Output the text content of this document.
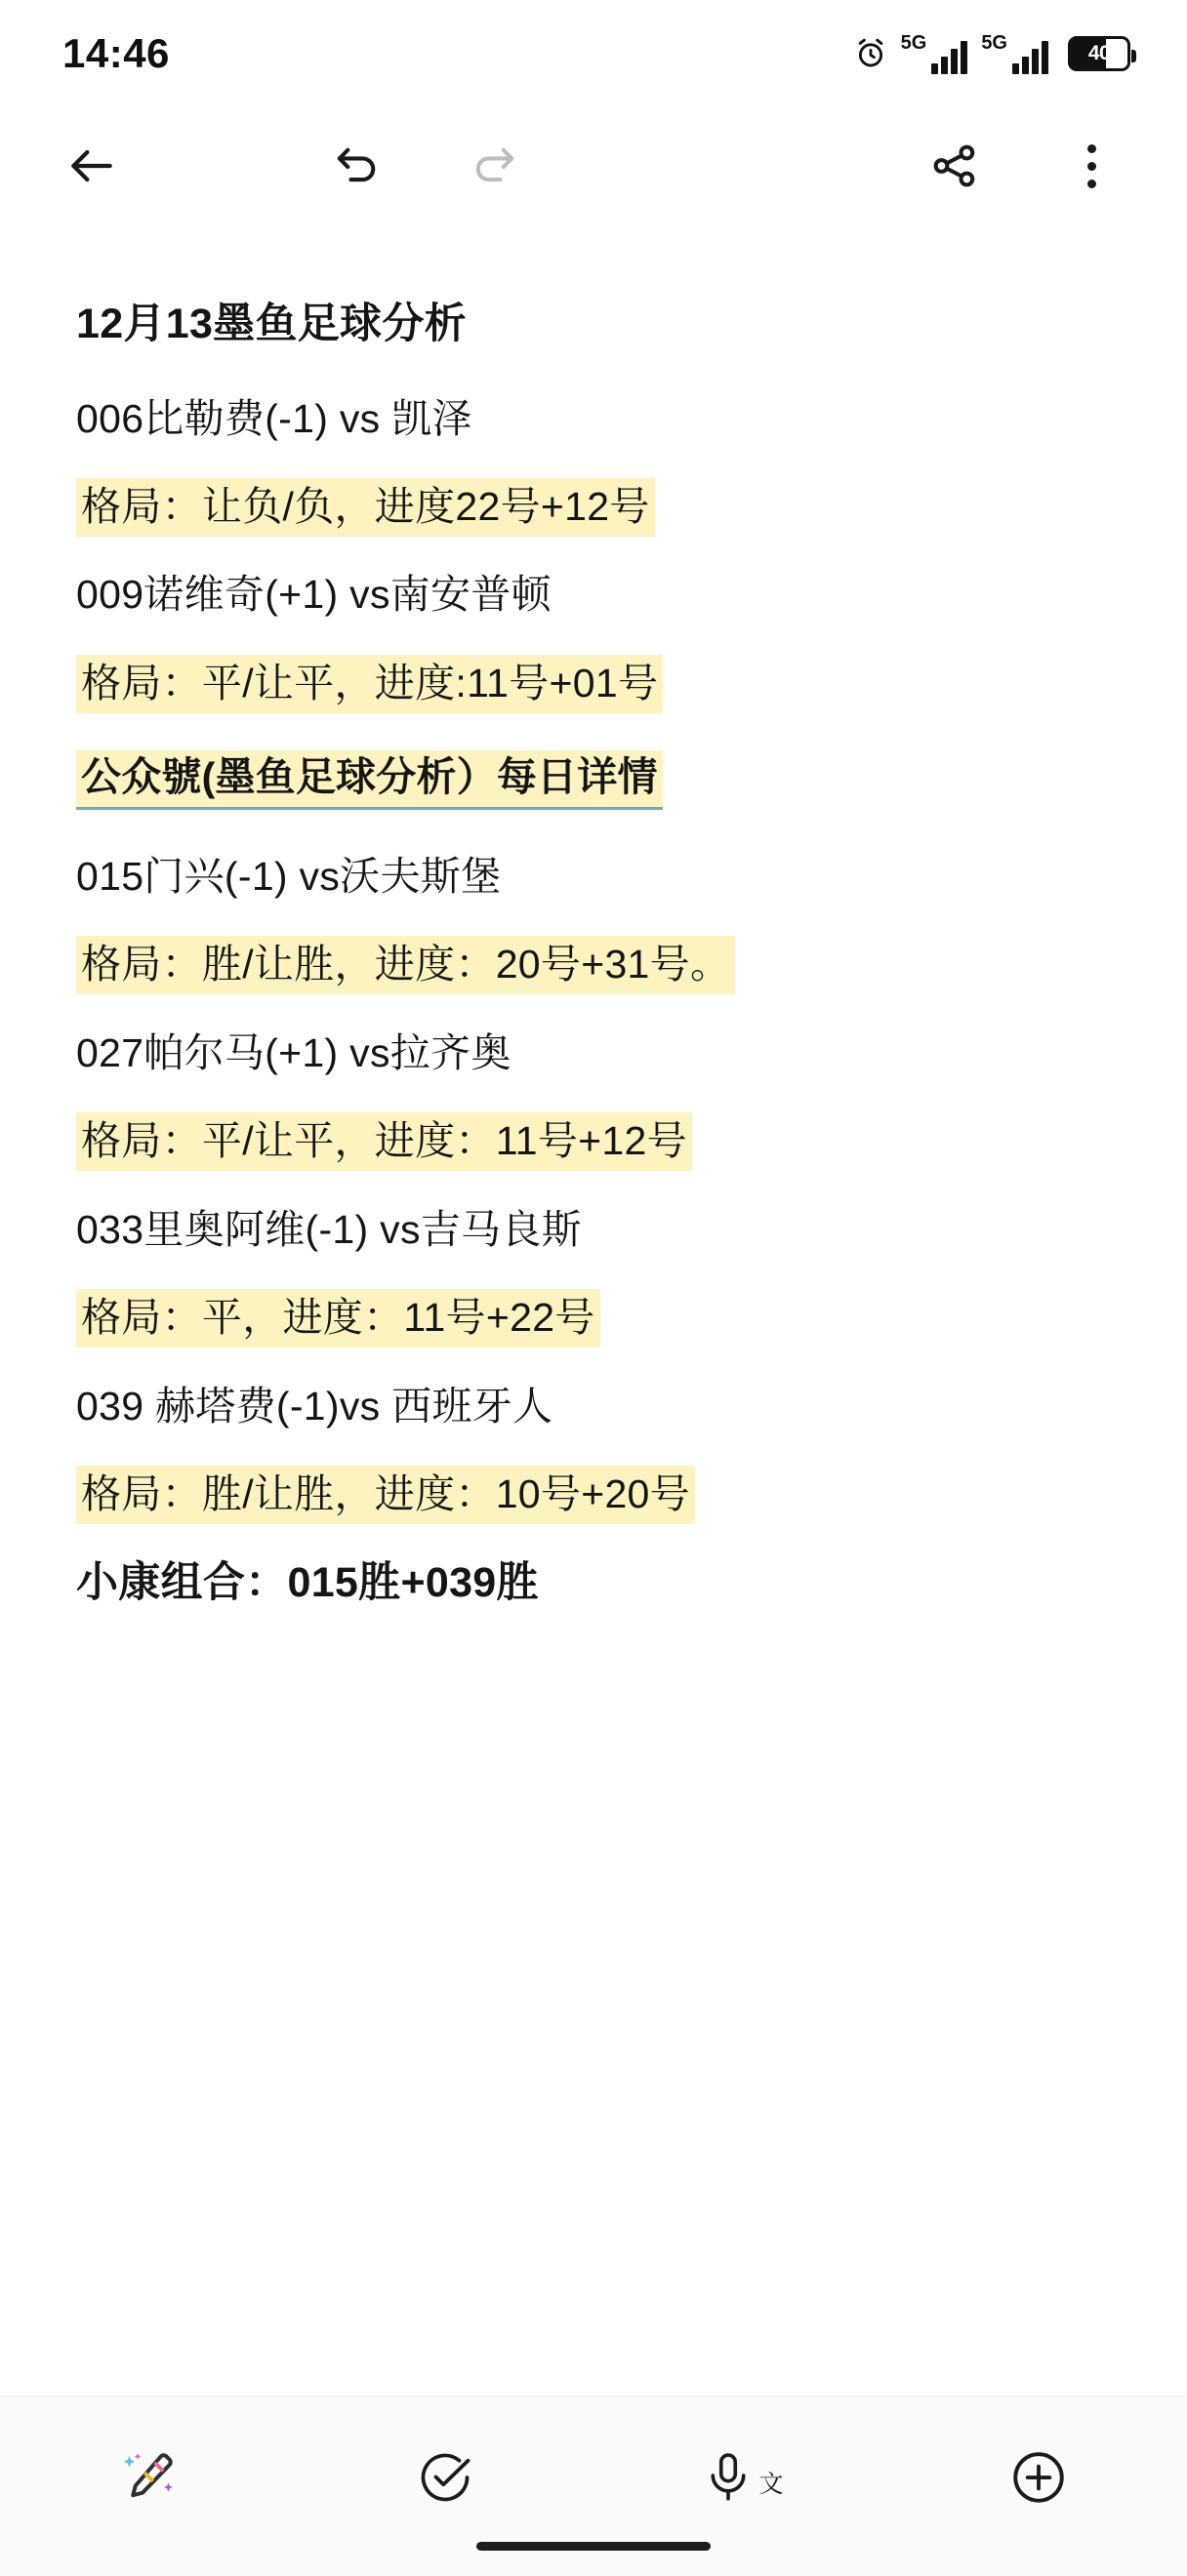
14:46	5G	5G	40

12月13墨鱼足球分析

006比勒费(-1) vs 凯泽

格局：让负/负，进度22号+12号

009诺维奇(+1) vs南安普顿

格局：平/让平，进度:11号+01号

公众號(墨鱼足球分析）每日详情

015门兴(-1) vs沃夫斯堡

格局：胜/让胜，进度：20号+31号。

027帕尔马(+1) vs拉齐奥

格局：平/让平，进度：11号+12号

033里奥阿维(-1) vs吉马良斯

格局：平，进度：11号+22号

039 赫塔费(-1)vs 西班牙人

格局：胜/让胜，进度：10号+20号

小康组合：015胜+039胜

文
